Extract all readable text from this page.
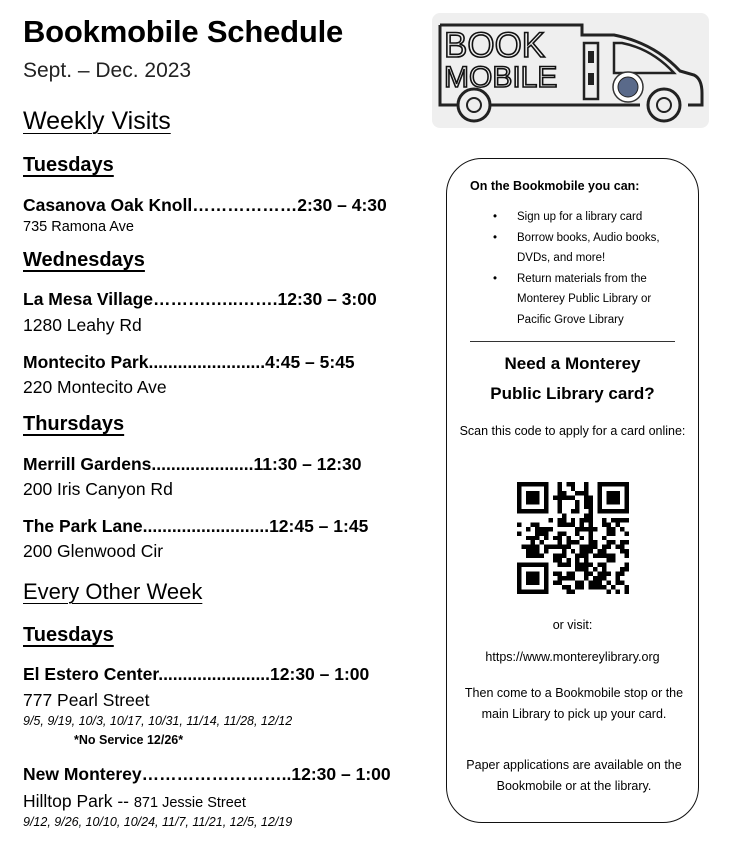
Bookmobile Schedule
Sept. – Dec. 2023
BOOK
MOBILE
Weekly Visits
Tuesdays
Casanova Oak Knoll………………2:30 – 4:30
735 Ramona Ave
Wednesdays
La Mesa Village……….…..…….12:30 – 3:00
1280 Leahy Rd
Montecito Park........................4:45 – 5:45
220 Montecito Ave
Thursdays
Merrill Gardens.....................11:30 – 12:30
200 Iris Canyon Rd
The Park Lane..........................12:45 – 1:45
200 Glenwood Cir
Every Other Week
Tuesdays
El Estero Center.......................12:30 – 1:00
777 Pearl Street
9/5, 9/19, 10/3, 10/17, 10/31, 11/14, 11/28, 12/12
*No Service 12/26*
New Monterey……………………..12:30 – 1:00
Hilltop Park -- 871 Jessie Street
9/12, 9/26, 10/10, 10/24, 11/7, 11/21, 12/5, 12/19
On the Bookmobile you can:
• Sign up for a library card
• Borrow books, Audio books, DVDs, and more!
• Return materials from the Monterey Public Library or Pacific Grove Library
Need a Monterey
Public Library card?
Scan this code to apply for a card online:
or visit:
https://www.montereylibrary.org
Then come to a Bookmobile stop or the main Library to pick up your card.
Paper applications are available on the Bookmobile or at the library.
